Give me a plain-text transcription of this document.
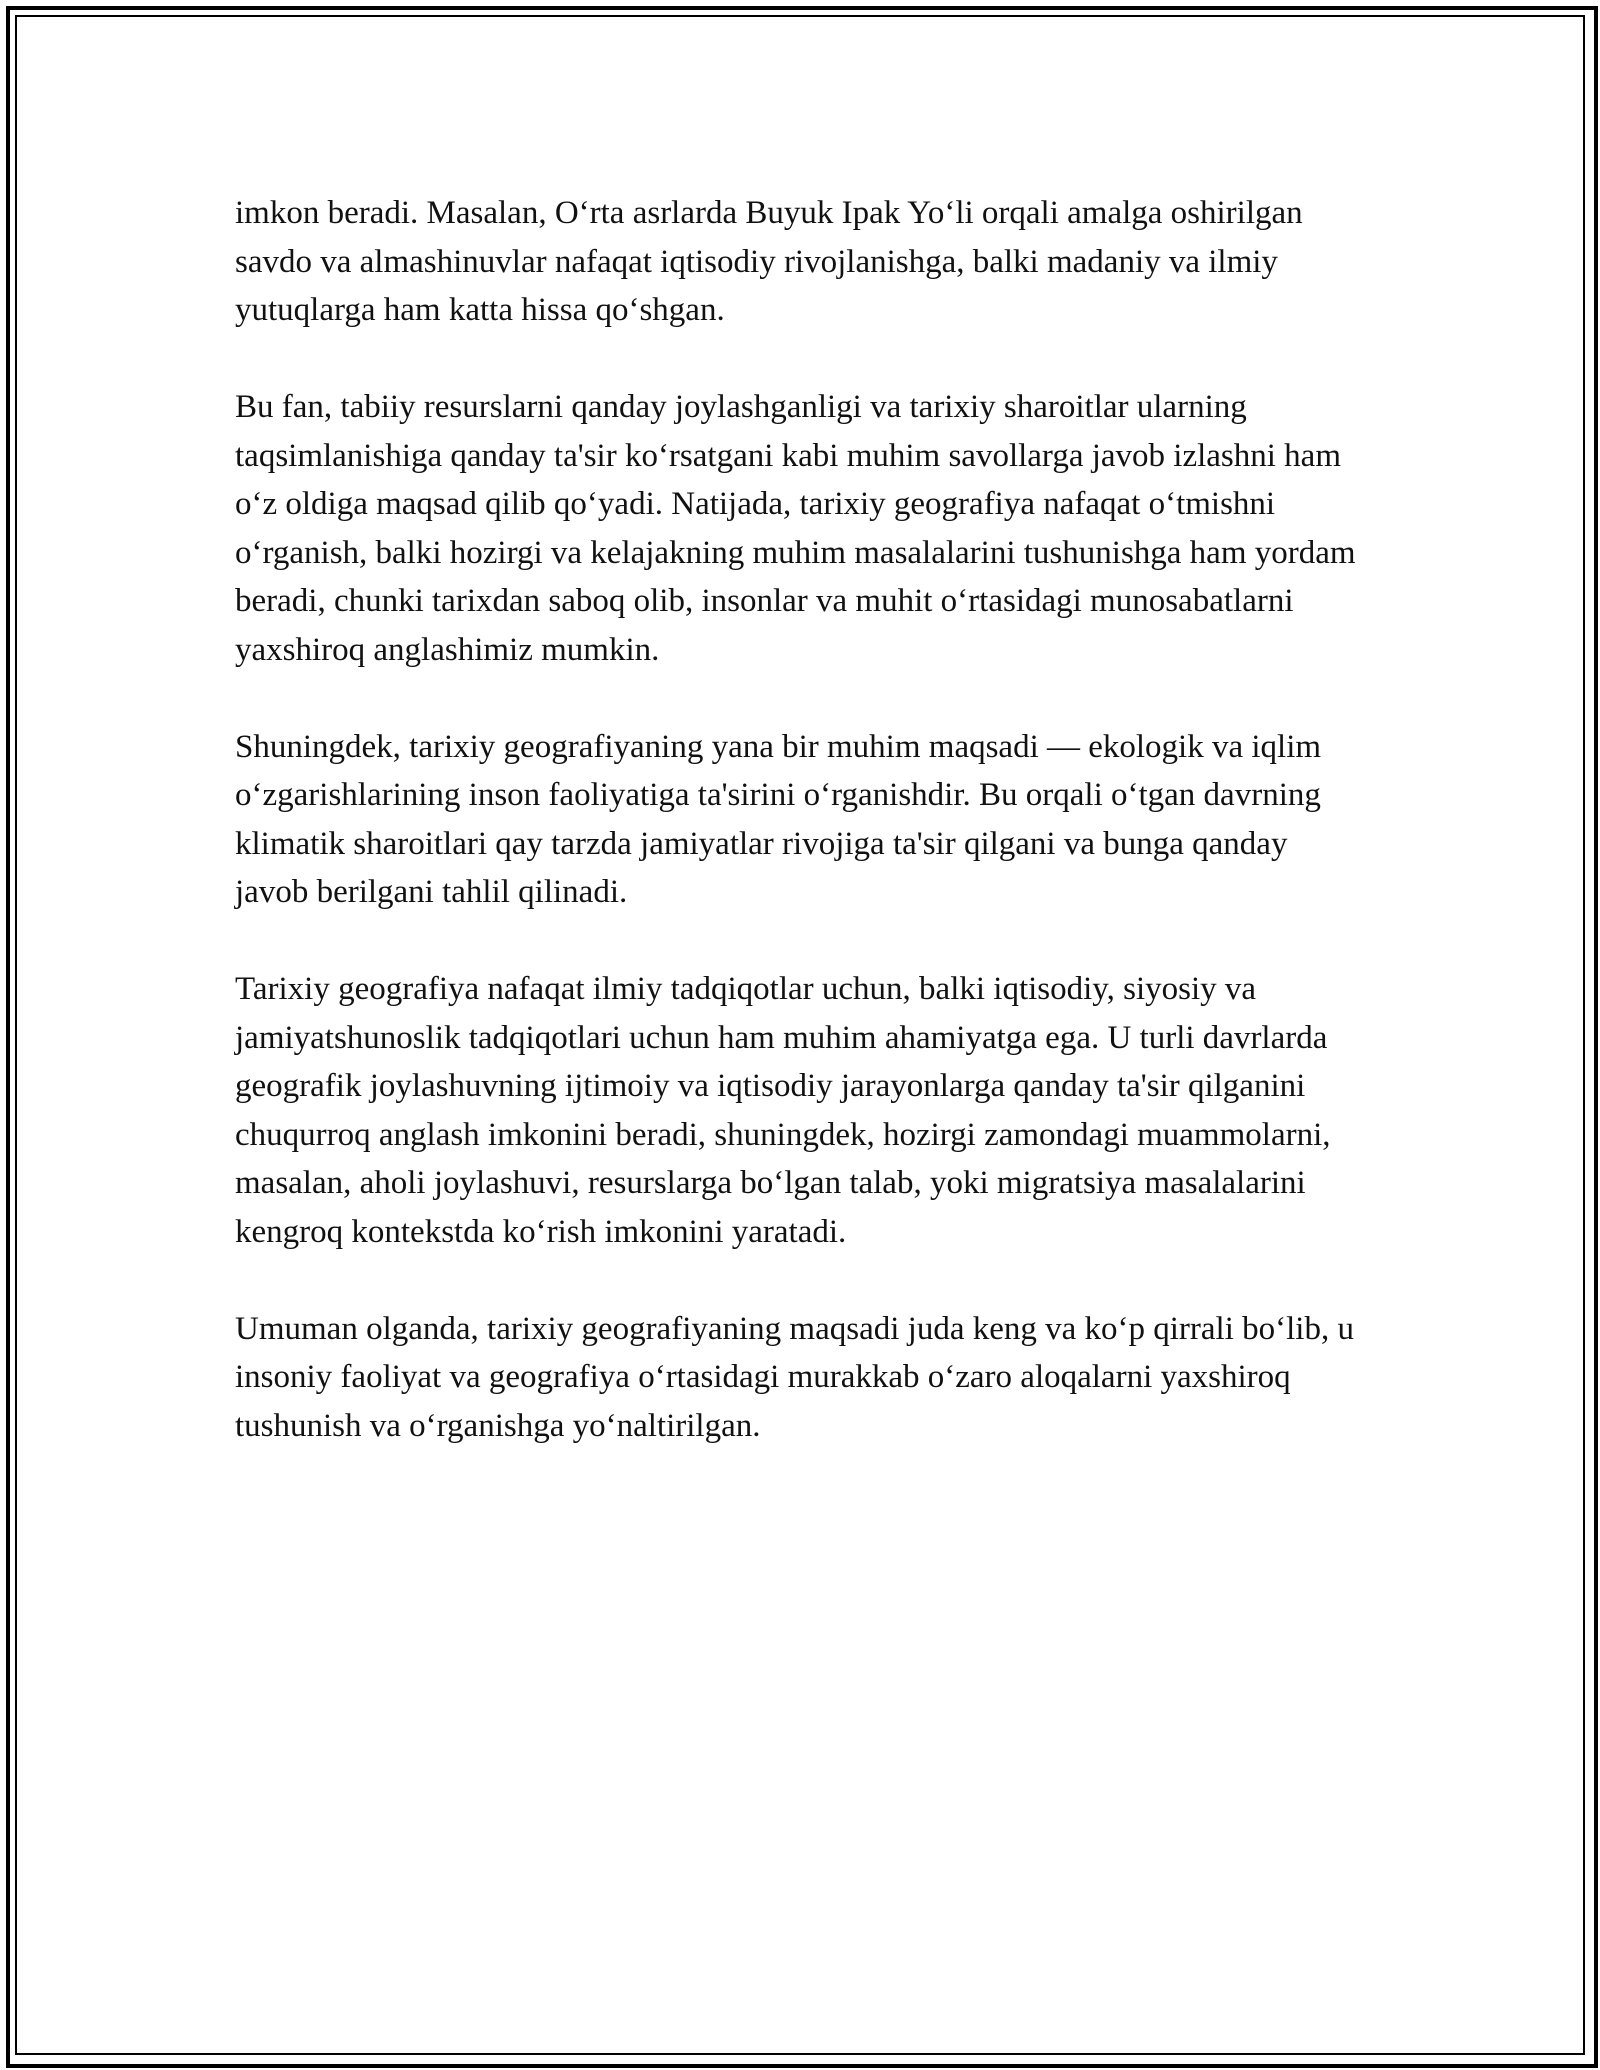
imkon beradi. Masalan, Oʻrta asrlarda Buyuk Ipak Yoʻli orqali amalga oshirilgan savdo va almashinuvlar nafaqat iqtisodiy rivojlanishga, balki madaniy va ilmiy yutuqlarga ham katta hissa qoʻshgan.

Bu fan, tabiiy resurslarni qanday joylashganligi va tarixiy sharoitlar ularning taqsimlanishiga qanday ta'sir koʻrsatgani kabi muhim savollarga javob izlashni ham oʻz oldiga maqsad qilib qoʻyadi. Natijada, tarixiy geografiya nafaqat oʻtmishni oʻrganish, balki hozirgi va kelajakning muhim masalalarini tushunishga ham yordam beradi, chunki tarixdan saboq olib, insonlar va muhit oʻrtasidagi munosabatlarni yaxshiroq anglashimiz mumkin.

Shuningdek, tarixiy geografiyaning yana bir muhim maqsadi — ekologik va iqlim oʻzgarishlarining inson faoliyatiga ta'sirini oʻrganishdir. Bu orqali oʻtgan davrning klimatik sharoitlari qay tarzda jamiyatlar rivojiga ta'sir qilgani va bunga qanday javob berilgani tahlil qilinadi.

Tarixiy geografiya nafaqat ilmiy tadqiqotlar uchun, balki iqtisodiy, siyosiy va jamiyatshunoslik tadqiqotlari uchun ham muhim ahamiyatga ega. U turli davrlarda geografik joylashuvning ijtimoiy va iqtisodiy jarayonlarga qanday ta'sir qilganini chuqurroq anglash imkonini beradi, shuningdek, hozirgi zamondagi muammolarni, masalan, aholi joylashuvi, resurslarga boʻlgan talab, yoki migratsiya masalalarini kengroq kontekstda koʻrish imkonini yaratadi.

Umuman olganda, tarixiy geografiyaning maqsadi juda keng va koʻp qirrali boʻlib, u insoniy faoliyat va geografiya oʻrtasidagi murakkab oʻzaro aloqalarni yaxshiroq tushunish va oʻrganishga yoʻnaltirilgan.
